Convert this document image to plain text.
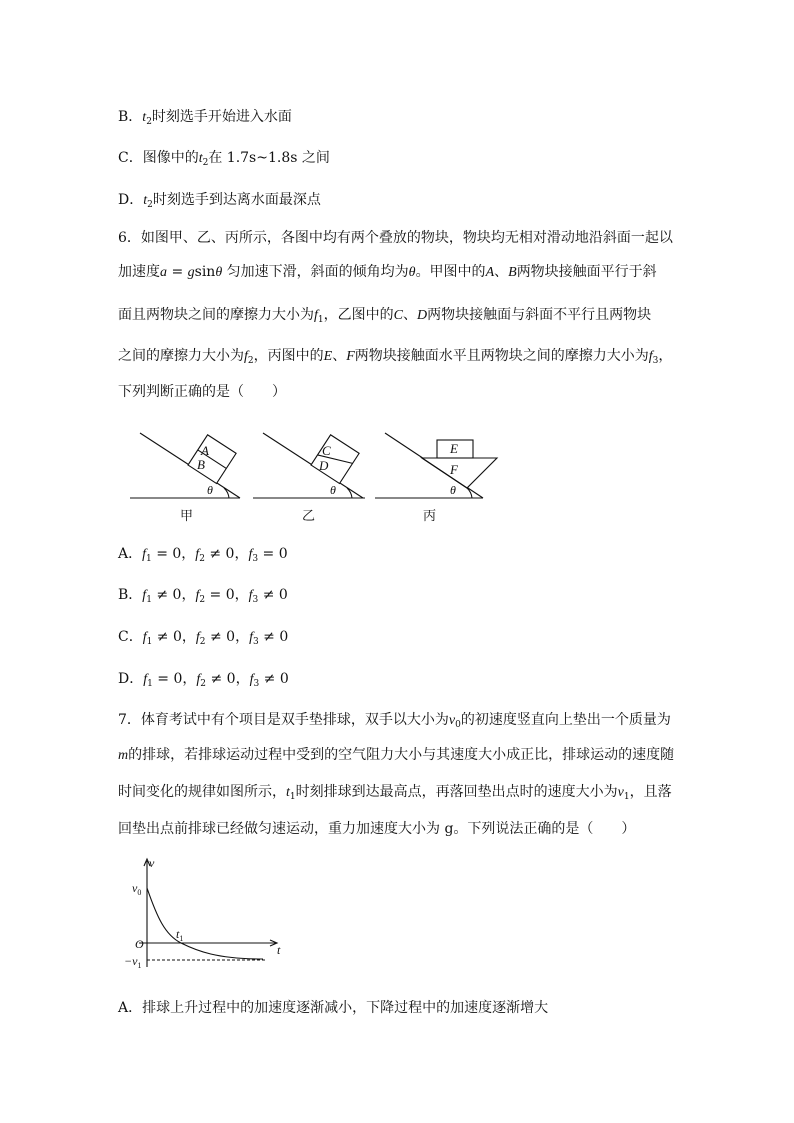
B．$t_2$时刻选手开始进入水面
C．图像中的$t_2$在 1.7s~1.8s 之间
D．$t_2$时刻选手到达离水面最深点
6．如图甲、乙、丙所示，各图中均有两个叠放的物块，物块均无相对滑动地沿斜面一起以
加速度a = gsinθ 匀加速下滑，斜面的倾角均为θ。甲图中的A、B两物块接触面平行于斜
面且两物块之间的摩擦力大小为$f_1$，乙图中的C、D两物块接触面与斜面不平行且两物块
之间的摩擦力大小为$f_2$，丙图中的E、F两物块接触面水平且两物块之间的摩擦力大小为$f_3$，
下列判断正确的是（　　）
A
B
θ
C
D
θ
E
F
θ
甲	乙	丙
A．$f_1 = 0$，$f_2 \ne 0$，$f_3 = 0$
B．$f_1 \ne 0$，$f_2 = 0$，$f_3 \ne 0$
C．$f_1 \ne 0$，$f_2 \ne 0$，$f_3 \ne 0$
D．$f_1 = 0$，$f_2 \ne 0$，$f_3 \ne 0$
7．体育考试中有个项目是双手垫排球，双手以大小为$v_0$的初速度竖直向上垫出一个质量为
m的排球，若排球运动过程中受到的空气阻力大小与其速度大小成正比，排球运动的速度随
时间变化的规律如图所示，$t_1$时刻排球到达最高点，再落回垫出点时的速度大小为$v_1$，且落
回垫出点前排球已经做匀速运动，重力加速度大小为 g。下列说法正确的是（　　）
v
$v_0$
O
$t_1$
t
$-v_1$
A．排球上升过程中的加速度逐渐减小，下降过程中的加速度逐渐增大
